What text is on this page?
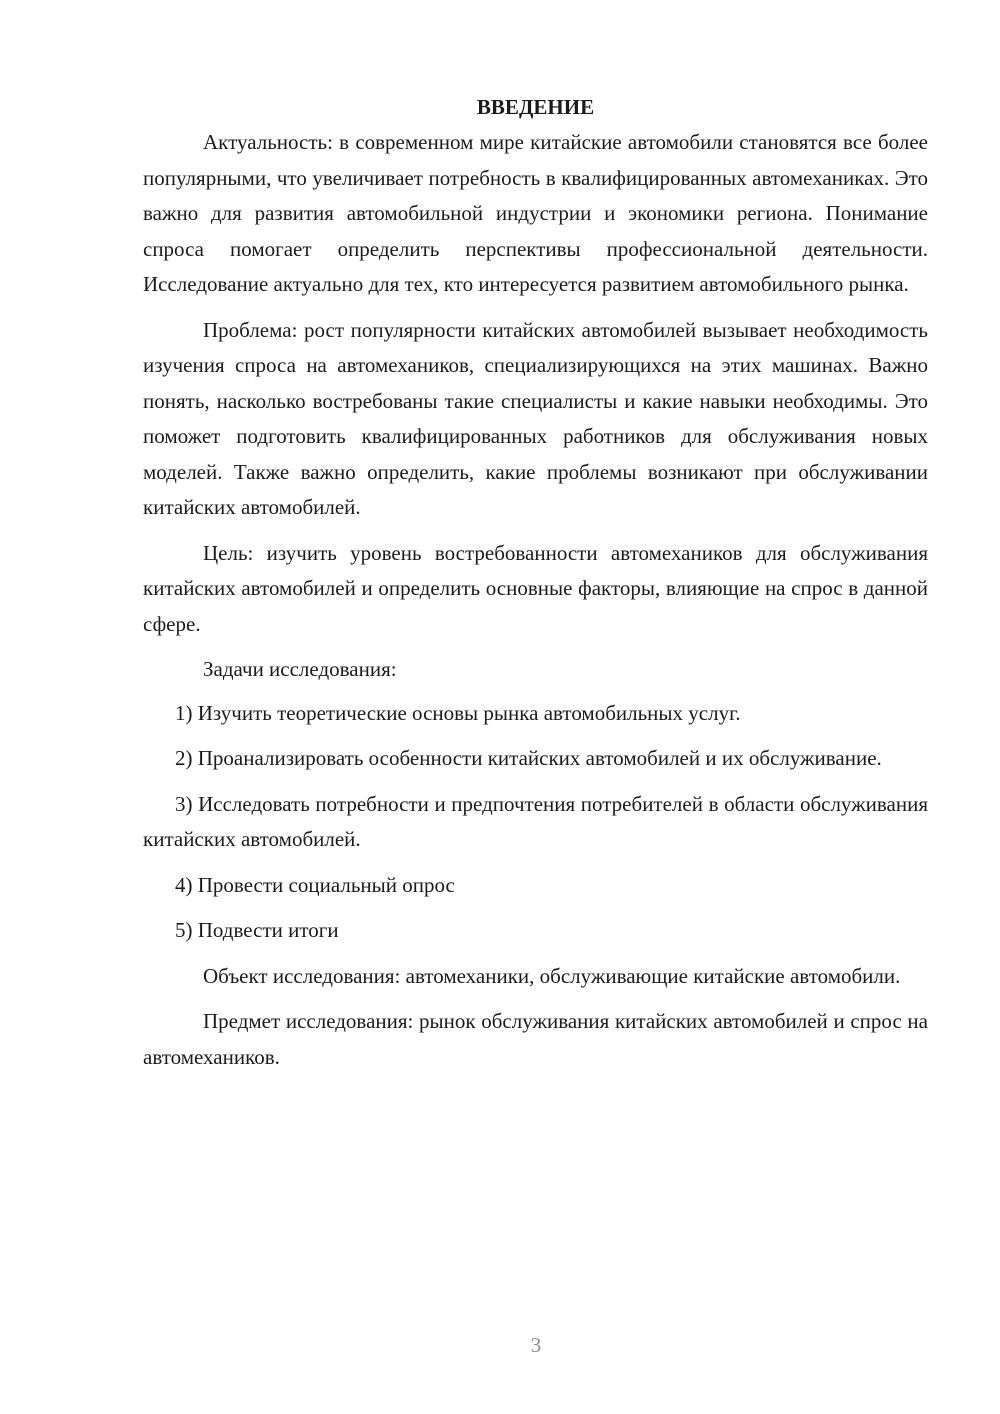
ВВЕДЕНИЕ

Актуальность: в современном мире китайские автомобили становятся все более популярными, что увеличивает потребность в квалифицированных автомеханиках. Это важно для развития автомобильной индустрии и экономики региона. Понимание спроса помогает определить перспективы профессиональной деятельности. Исследование актуально для тех, кто интересуется развитием автомобильного рынка.

Проблема: рост популярности китайских автомобилей вызывает необходимость изучения спроса на автомехаников, специализирующихся на этих машинах. Важно понять, насколько востребованы такие специалисты и какие навыки необходимы. Это поможет подготовить квалифицированных работников для обслуживания новых моделей. Также важно определить, какие проблемы возникают при обслуживании китайских автомобилей.

Цель: изучить уровень востребованности автомехаников для обслуживания китайских автомобилей и определить основные факторы, влияющие на спрос в данной сфере.

Задачи исследования:

1) Изучить теоретические основы рынка автомобильных услуг.

2) Проанализировать особенности китайских автомобилей и их обслуживание.

3) Исследовать потребности и предпочтения потребителей в области обслуживания китайских автомобилей.

4) Провести социальный опрос

5) Подвести итоги

Объект исследования: автомеханики, обслуживающие китайские автомобили.

Предмет исследования: рынок обслуживания китайских автомобилей и спрос на автомехаников.

3
